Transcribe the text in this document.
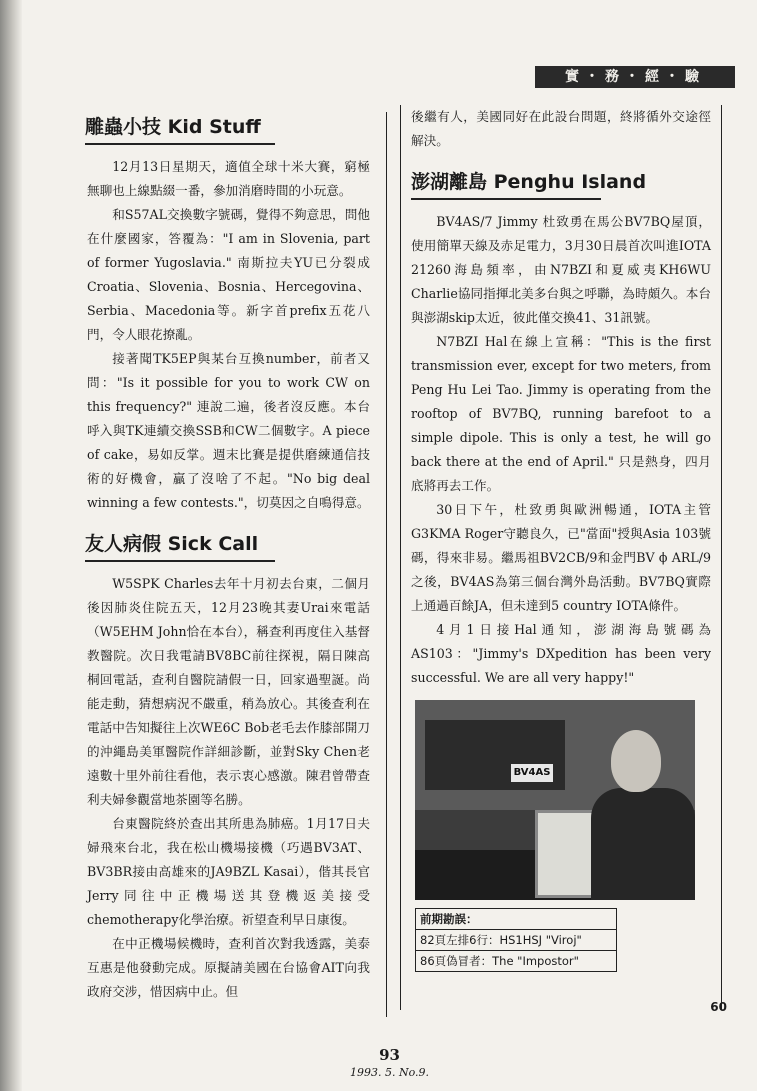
實・務・經・驗
雕蟲小技 Kid Stuff

12月13日星期天，適值全球十米大賽，窮極無聊也上線點綴一番，參加消磨時間的小玩意。

和S57AL交換數字號碼，覺得不夠意思，問他在什麼國家，答覆為："I am in Slovenia, part of former Yugoslavia." 南斯拉夫YU已分裂成Croatia、Slovenia、Bosnia、Hercegovina、Serbia、Macedonia等。新字首prefix五花八門，令人眼花撩亂。

接著聞TK5EP與某台互換number，前者又問："Is it possible for you to work CW on this frequency?" 連說二遍，後者沒反應。本台呼入與TK連續交換SSB和CW二個數字。A piece of cake，易如反掌。週末比賽是提供磨練通信技術的好機會，贏了沒啥了不起。"No big deal winning a few contests."，切莫因之自鳴得意。

友人病假 Sick Call

W5SPK Charles去年十月初去台東，二個月後因肺炎住院五天，12月23晚其妻Urai來電話（W5EHM John恰在本台），稱查利再度住入基督教醫院。次日我電請BV8BC前往探視，隔日陳高桐回電話，查利自醫院請假一日，回家過聖誕。尚能走動，猜想病況不嚴重，稍為放心。其後查利在電話中告知擬往上次WE6C Bob老毛去作膝部開刀的沖繩島美軍醫院作詳細診斷，並對Sky Chen老遠數十里外前往看他，表示衷心感激。陳君曾帶查利夫婦參觀當地茶園等名勝。

台東醫院終於查出其所患為肺癌。1月17日夫婦飛來台北，我在松山機場接機（巧遇BV3AT、BV3BR接由高雄來的JA9BZL Kasai），偕其長官Jerry同往中正機場送其登機返美接受chemotherapy化學治療。祈望查利早日康復。

在中正機場候機時，查利首次對我透露，美泰互惠是他發動完成。原擬請美國在台協會AIT向我政府交涉，惜因病中止。但

後繼有人，美國同好在此設台問題，終將循外交途徑解決。

澎湖離島 Penghu Island

BV4AS/7 Jimmy 杜致勇在馬公BV7BQ屋頂，使用簡單天線及赤足電力，3月30日晨首次叫進IOTA 21260海島頻率，由N7BZI和夏威夷KH6WU Charlie協同指揮北美多台與之呼聯，為時頗久。本台與澎湖skip太近，彼此僅交換41、31訊號。

N7BZI Hal在線上宣稱："This is the first transmission ever, except for two meters, from Peng Hu Lei Tao. Jimmy is operating from the rooftop of BV7BQ, running barefoot to a simple dipole. This is only a test, he will go back there at the end of April." 只是熱身，四月底將再去工作。

30日下午，杜致勇與歐洲暢通，IOTA主管G3KMA Roger守聽良久，已"當面"授與Asia 103號碼，得來非易。繼馬祖BV2CB/9和金門BV ϕ ARL/9之後，BV4AS為第三個台灣外島活動。BV7BQ實際上通過百餘JA，但未達到5 country IOTA條件。

4月1日接Hal通知，澎湖海島號碼為AS103："Jimmy's DXpedition has been very successful. We are all very happy!"

BV4AS
前期勘誤：
82頁左排6行：HS1HSJ "Viroj"
86頁偽冒者：The "Impostor"
60
93
1993. 5. No.9.
